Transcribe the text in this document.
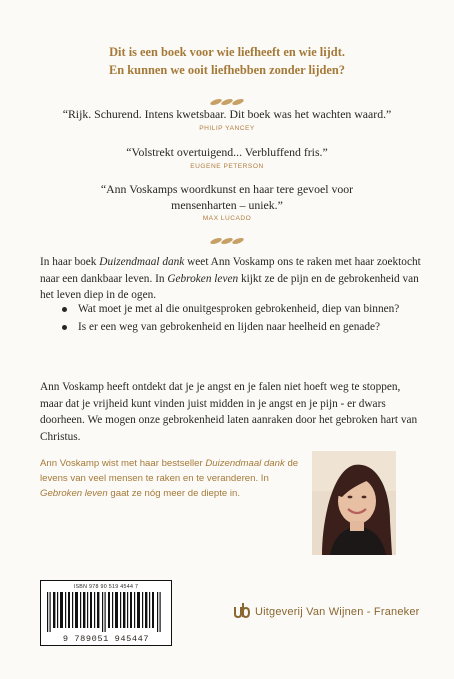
Dit is een boek voor wie liefheeft en wie lijdt.
En kunnen we ooit liefhebben zonder lijden?
“Rijk. Schurend. Intens kwetsbaar. Dit boek was het wachten waard.”
PHILIP YANCEY
“Volstrekt overtuigend... Verbluffend fris.”
EUGENE PETERSON
“Ann Voskamps woordkunst en haar tere gevoel voor
mensenharten – uniek.”
MAX LUCADO
In haar boek Duizendmaal dank weet Ann Voskamp ons te raken met haar zoektocht naar een dankbaar leven. In Gebroken leven kijkt ze de pijn en de gebrokenheid van het leven diep in de ogen.
Wat moet je met al die onuitgesproken gebrokenheid, diep van binnen?
Is er een weg van gebrokenheid en lijden naar heelheid en genade?
Ann Voskamp heeft ontdekt dat je je angst en je falen niet hoeft weg te stoppen, maar dat je vrijheid kunt vinden juist midden in je angst en je pijn - er dwars doorheen. We mogen onze gebrokenheid laten aanraken door het gebroken hart van Christus.
Ann Voskamp wist met haar bestseller Duizendmaal dank de levens van veel mensen te raken en te veranderen. In Gebroken leven gaat ze nóg meer de diepte in.
ISBN 978 90 519 4544 7
9 789051 945447
Uitgeverij Van Wijnen - Franeker
